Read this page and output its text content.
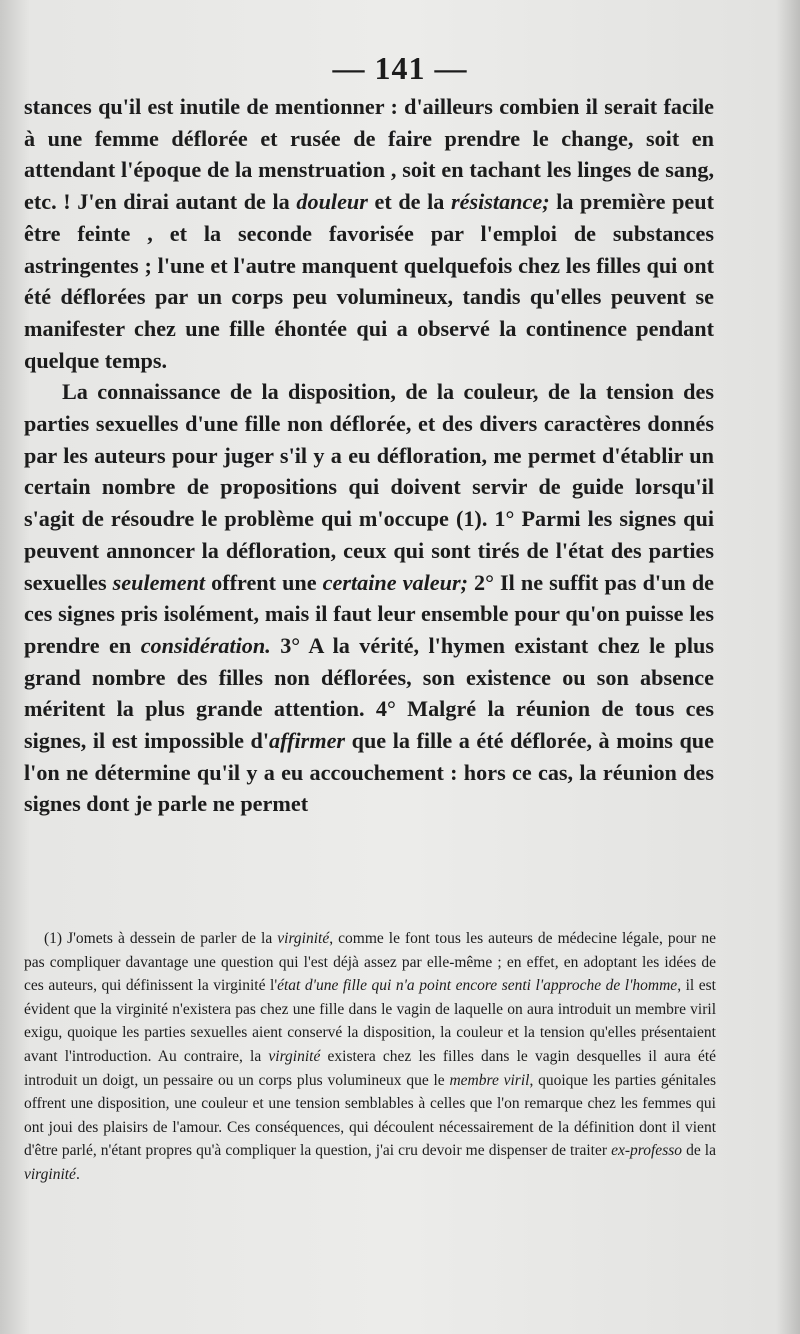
— 141 —

stances qu'il est inutile de mentionner : d'ailleurs combien il serait facile à une femme déflorée et rusée de faire prendre le change, soit en attendant l'époque de la menstruation , soit en tachant les linges de sang, etc. ! J'en dirai autant de la douleur et de la résistance; la première peut être feinte , et la seconde favorisée par l'emploi de substances astringentes ; l'une et l'autre manquent quelquefois chez les filles qui ont été déflorées par un corps peu volumineux, tandis qu'elles peuvent se manifester chez une fille éhontée qui a observé la continence pendant quelque temps.

La connaissance de la disposition, de la couleur, de la tension des parties sexuelles d'une fille non déflorée, et des divers caractères donnés par les auteurs pour juger s'il y a eu défloration, me permet d'établir un certain nombre de propositions qui doivent servir de guide lorsqu'il s'agit de résoudre le problème qui m'occupe (1). 1° Parmi les signes qui peuvent annoncer la défloration, ceux qui sont tirés de l'état des parties sexuelles seulement offrent une certaine valeur; 2° Il ne suffit pas d'un de ces signes pris isolément, mais il faut leur ensemble pour qu'on puisse les prendre en considération. 3° A la vérité, l'hymen existant chez le plus grand nombre des filles non déflorées, son existence ou son absence méritent la plus grande attention. 4° Malgré la réunion de tous ces signes, il est impossible d'affirmer que la fille a été déflorée, à moins que l'on ne détermine qu'il y a eu accouchement : hors ce cas, la réunion des signes dont je parle ne permet

(1) J'omets à dessein de parler de la virginité, comme le font tous les auteurs de médecine légale, pour ne pas compliquer davantage une question qui l'est déjà assez par elle-même ; en effet, en adoptant les idées de ces auteurs, qui définissent la virginité l'état d'une fille qui n'a point encore senti l'approche de l'homme, il est évident que la virginité n'existera pas chez une fille dans le vagin de laquelle on aura introduit un membre viril exigu, quoique les parties sexuelles aient conservé la disposition, la couleur et la tension qu'elles présentaient avant l'introduction. Au contraire, la virginité existera chez les filles dans le vagin desquelles il aura été introduit un doigt, un pessaire ou un corps plus volumineux que le membre viril, quoique les parties génitales offrent une disposition, une couleur et une tension semblables à celles que l'on remarque chez les femmes qui ont joui des plaisirs de l'amour. Ces conséquences, qui découlent nécessairement de la définition dont il vient d'être parlé, n'étant propres qu'à compliquer la question, j'ai cru devoir me dispenser de traiter ex-professo de la virginité.
